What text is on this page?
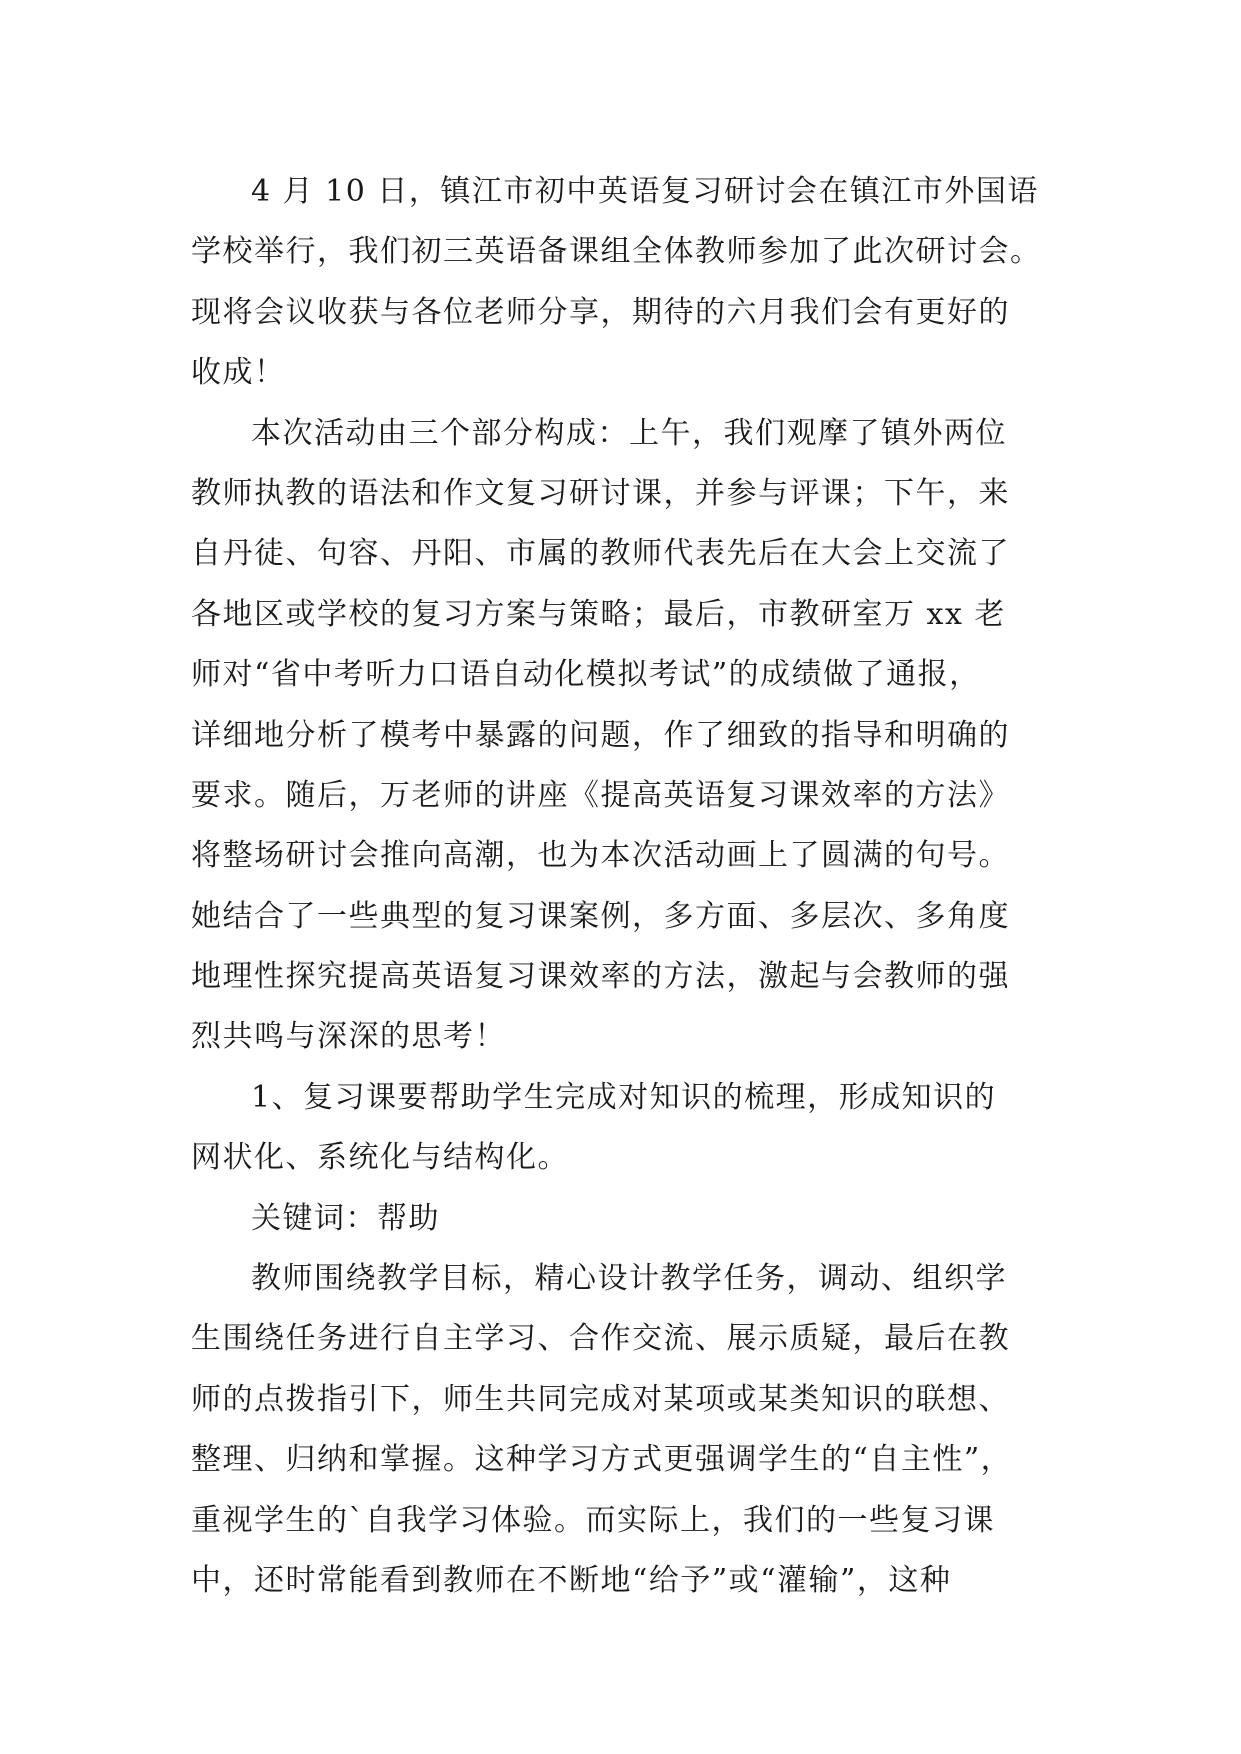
4 月 10 日，镇江市初中英语复习研讨会在镇江市外国语
学校举行，我们初三英语备课组全体教师参加了此次研讨会。
现将会议收获与各位老师分享，期待的六月我们会有更好的
收成！
本次活动由三个部分构成：上午，我们观摩了镇外两位
教师执教的语法和作文复习研讨课，并参与评课；下午，来
自丹徒、句容、丹阳、市属的教师代表先后在大会上交流了
各地区或学校的复习方案与策略；最后，市教研室万 xx 老
师对“省中考听力口语自动化模拟考试”的成绩做了通报，
详细地分析了模考中暴露的问题，作了细致的指导和明确的
要求。随后，万老师的讲座《提高英语复习课效率的方法》
将整场研讨会推向高潮，也为本次活动画上了圆满的句号。
她结合了一些典型的复习课案例，多方面、多层次、多角度
地理性探究提高英语复习课效率的方法，激起与会教师的强
烈共鸣与深深的思考！
1、复习课要帮助学生完成对知识的梳理，形成知识的
网状化、系统化与结构化。
关键词：帮助
教师围绕教学目标，精心设计教学任务，调动、组织学
生围绕任务进行自主学习、合作交流、展示质疑，最后在教
师的点拨指引下，师生共同完成对某项或某类知识的联想、
整理、归纳和掌握。这种学习方式更强调学生的“自主性”，
重视学生的`自我学习体验。而实际上，我们的一些复习课
中，还时常能看到教师在不断地“给予”或“灌输”，这种
